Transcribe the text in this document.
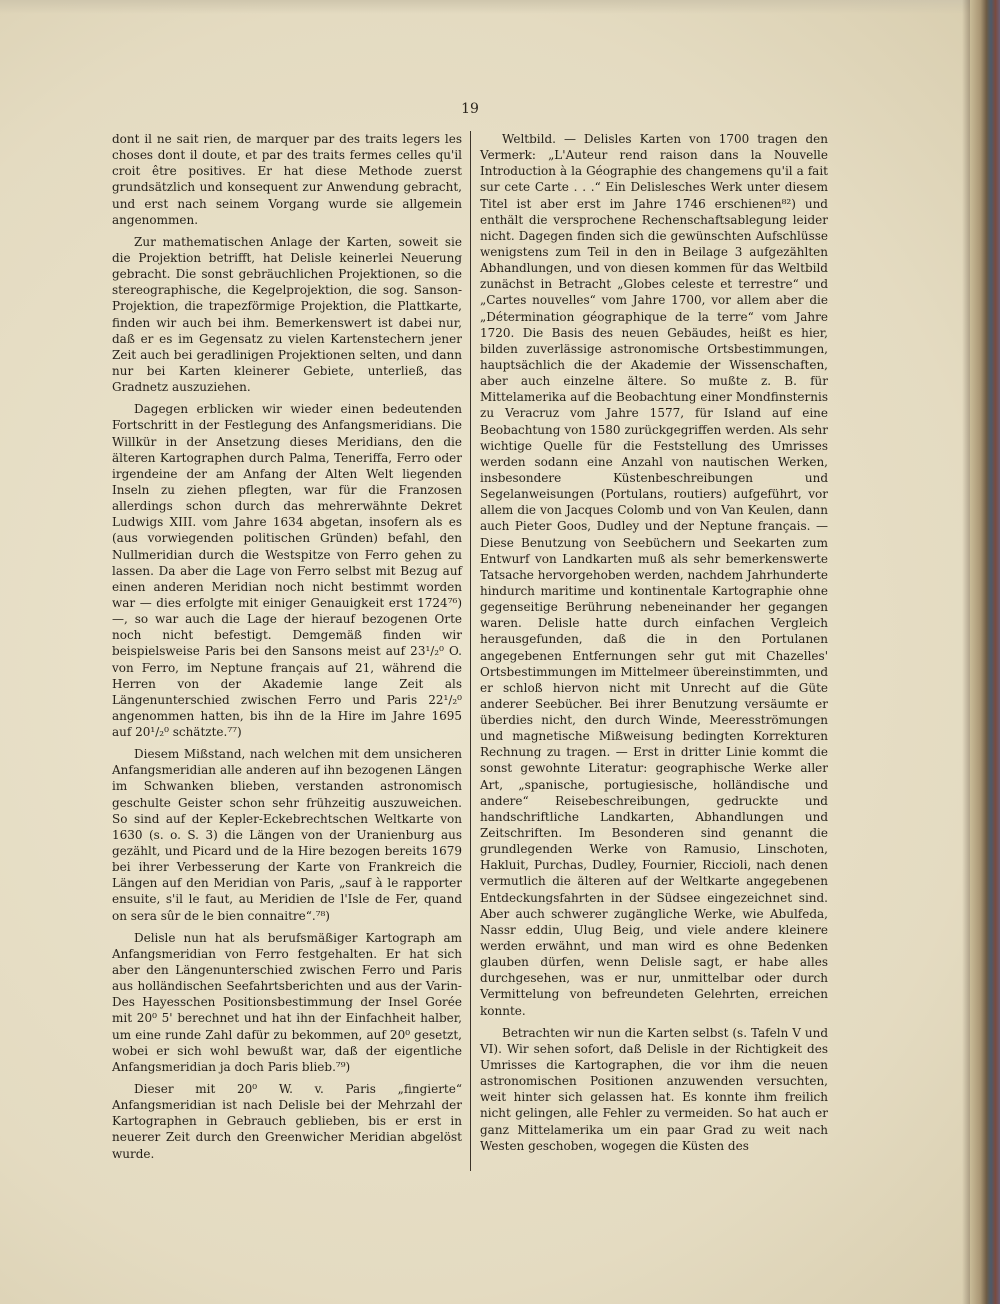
19

dont il ne sait rien, de marquer par des traits legers les choses dont il doute, et par des traits fermes celles qu'il croit être positives. Er hat diese Methode zuerst grundsätzlich und konsequent zur Anwendung gebracht, und erst nach seinem Vorgang wurde sie allgemein angenommen.

Zur mathematischen Anlage der Karten, soweit sie die Projektion betrifft, hat Delisle keinerlei Neuerung gebracht. Die sonst gebräuchlichen Projektionen, so die stereographische, die Kegelprojektion, die sog. Sanson-Projektion, die trapezförmige Projektion, die Plattkarte, finden wir auch bei ihm. Bemerkenswert ist dabei nur, daß er es im Gegensatz zu vielen Kartenstechern jener Zeit auch bei geradlinigen Projektionen selten, und dann nur bei Karten kleinerer Gebiete, unterließ, das Gradnetz auszuziehen.

Dagegen erblicken wir wieder einen bedeutenden Fortschritt in der Festlegung des Anfangsmeridians. Die Willkür in der Ansetzung dieses Meridians, den die älteren Kartographen durch Palma, Teneriffa, Ferro oder irgendeine der am Anfang der Alten Welt liegenden Inseln zu ziehen pflegten, war für die Franzosen allerdings schon durch das mehrerwähnte Dekret Ludwigs XIII. vom Jahre 1634 abgetan, insofern als es (aus vorwiegenden politischen Gründen) befahl, den Nullmeridian durch die Westspitze von Ferro gehen zu lassen. Da aber die Lage von Ferro selbst mit Bezug auf einen anderen Meridian noch nicht bestimmt worden war — dies erfolgte mit einiger Genauigkeit erst 1724⁷⁶) —, so war auch die Lage der hierauf bezogenen Orte noch nicht befestigt. Demgemäß finden wir beispielsweise Paris bei den Sansons meist auf 23¹/₂⁰ O. von Ferro, im Neptune français auf 21, während die Herren von der Akademie lange Zeit als Längenunterschied zwischen Ferro und Paris 22¹/₂⁰ angenommen hatten, bis ihn de la Hire im Jahre 1695 auf 20¹/₂⁰ schätzte.⁷⁷)

Diesem Mißstand, nach welchen mit dem unsicheren Anfangsmeridian alle anderen auf ihn bezogenen Längen im Schwanken blieben, verstanden astronomisch geschulte Geister schon sehr frühzeitig auszuweichen. So sind auf der Kepler-Eckebrechtschen Weltkarte von 1630 (s. o. S. 3) die Längen von der Uranienburg aus gezählt, und Picard und de la Hire bezogen bereits 1679 bei ihrer Verbesserung der Karte von Frankreich die Längen auf den Meridian von Paris, „sauf à le rapporter ensuite, s'il le faut, au Meridien de l'Isle de Fer, quand on sera sûr de le bien connaitre“.⁷⁸)

Delisle nun hat als berufsmäßiger Kartograph am Anfangsmeridian von Ferro festgehalten. Er hat sich aber den Längenunterschied zwischen Ferro und Paris aus holländischen Seefahrtsberichten und aus der Varin-Des Hayesschen Positionsbestimmung der Insel Gorée mit 20⁰ 5' berechnet und hat ihn der Einfachheit halber, um eine runde Zahl dafür zu bekommen, auf 20⁰ gesetzt, wobei er sich wohl bewußt war, daß der eigentliche Anfangsmeridian ja doch Paris blieb.⁷⁹)

Dieser mit 20⁰ W. v. Paris „fingierte“ Anfangsmeridian ist nach Delisle bei der Mehrzahl der Kartographen in Gebrauch geblieben, bis er erst in neuerer Zeit durch den Greenwicher Meridian abgelöst wurde.

Weltbild. — Delisles Karten von 1700 tragen den Vermerk: „L'Auteur rend raison dans la Nouvelle Introduction à la Géographie des changemens qu'il a fait sur cete Carte . . .“ Ein Delislesches Werk unter diesem Titel ist aber erst im Jahre 1746 erschienen⁸²) und enthält die versprochene Rechenschaftsablegung leider nicht. Dagegen finden sich die gewünschten Aufschlüsse wenigstens zum Teil in den in Beilage 3 aufgezählten Abhandlungen, und von diesen kommen für das Weltbild zunächst in Betracht „Globes celeste et terrestre“ und „Cartes nouvelles“ vom Jahre 1700, vor allem aber die „Détermination géographique de la terre“ vom Jahre 1720. Die Basis des neuen Gebäudes, heißt es hier, bilden zuverlässige astronomische Ortsbestimmungen, hauptsächlich die der Akademie der Wissenschaften, aber auch einzelne ältere. So mußte z. B. für Mittelamerika auf die Beobachtung einer Mondfinsternis zu Veracruz vom Jahre 1577, für Island auf eine Beobachtung von 1580 zurückgegriffen werden. Als sehr wichtige Quelle für die Feststellung des Umrisses werden sodann eine Anzahl von nautischen Werken, insbesondere Küstenbeschreibungen und Segelanweisungen (Portulans, routiers) aufgeführt, vor allem die von Jacques Colomb und von Van Keulen, dann auch Pieter Goos, Dudley und der Neptune français. — Diese Benutzung von Seebüchern und Seekarten zum Entwurf von Landkarten muß als sehr bemerkenswerte Tatsache hervorgehoben werden, nachdem Jahrhunderte hindurch maritime und kontinentale Kartographie ohne gegenseitige Berührung nebeneinander her gegangen waren. Delisle hatte durch einfachen Vergleich herausgefunden, daß die in den Portulanen angegebenen Entfernungen sehr gut mit Chazelles' Ortsbestimmungen im Mittelmeer übereinstimmten, und er schloß hiervon nicht mit Unrecht auf die Güte anderer Seebücher. Bei ihrer Benutzung versäumte er überdies nicht, den durch Winde, Meeresströmungen und magnetische Mißweisung bedingten Korrekturen Rechnung zu tragen. — Erst in dritter Linie kommt die sonst gewohnte Literatur: geographische Werke aller Art, „spanische, portugiesische, holländische und andere“ Reisebeschreibungen, gedruckte und handschriftliche Landkarten, Abhandlungen und Zeitschriften. Im Besonderen sind genannt die grundlegenden Werke von Ramusio, Linschoten, Hakluit, Purchas, Dudley, Fournier, Riccioli, nach denen vermutlich die älteren auf der Weltkarte angegebenen Entdeckungsfahrten in der Südsee eingezeichnet sind. Aber auch schwerer zugängliche Werke, wie Abulfeda, Nassr eddin, Ulug Beig, und viele andere kleinere werden erwähnt, und man wird es ohne Bedenken glauben dürfen, wenn Delisle sagt, er habe alles durchgesehen, was er nur, unmittelbar oder durch Vermittelung von befreundeten Gelehrten, erreichen konnte.

Betrachten wir nun die Karten selbst (s. Tafeln V und VI). Wir sehen sofort, daß Delisle in der Richtigkeit des Umrisses die Kartographen, die vor ihm die neuen astronomischen Positionen anzuwenden versuchten, weit hinter sich gelassen hat. Es konnte ihm freilich nicht gelingen, alle Fehler zu vermeiden. So hat auch er ganz Mittelamerika um ein paar Grad zu weit nach Westen geschoben, wogegen die Küsten des
